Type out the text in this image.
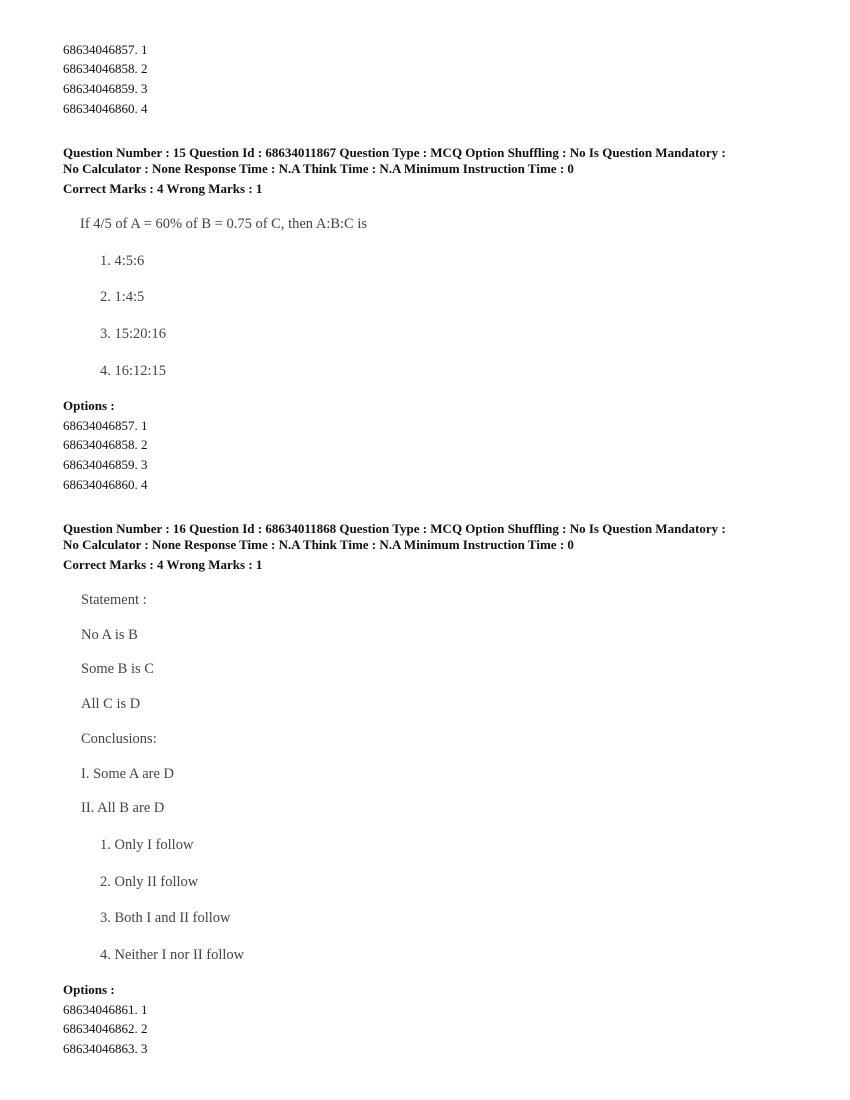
68634046857. 1
68634046858. 2
68634046859. 3
68634046860. 4
Question Number : 15 Question Id : 68634011867 Question Type : MCQ Option Shuffling : No Is Question Mandatory :
No Calculator : None Response Time : N.A Think Time : N.A Minimum Instruction Time : 0
Correct Marks : 4 Wrong Marks : 1
If 4/5 of A = 60% of B = 0.75 of C, then A:B:C is
1. 4:5:6
2. 1:4:5
3. 15:20:16
4. 16:12:15
Options :
68634046857. 1
68634046858. 2
68634046859. 3
68634046860. 4
Question Number : 16 Question Id : 68634011868 Question Type : MCQ Option Shuffling : No Is Question Mandatory :
No Calculator : None Response Time : N.A Think Time : N.A Minimum Instruction Time : 0
Correct Marks : 4 Wrong Marks : 1
Statement :
No A is B
Some B is C
All C is D
Conclusions:
I. Some A are D
II. All B are D
1. Only I follow
2. Only II follow
3. Both I and II follow
4. Neither I nor II follow
Options :
68634046861. 1
68634046862. 2
68634046863. 3
